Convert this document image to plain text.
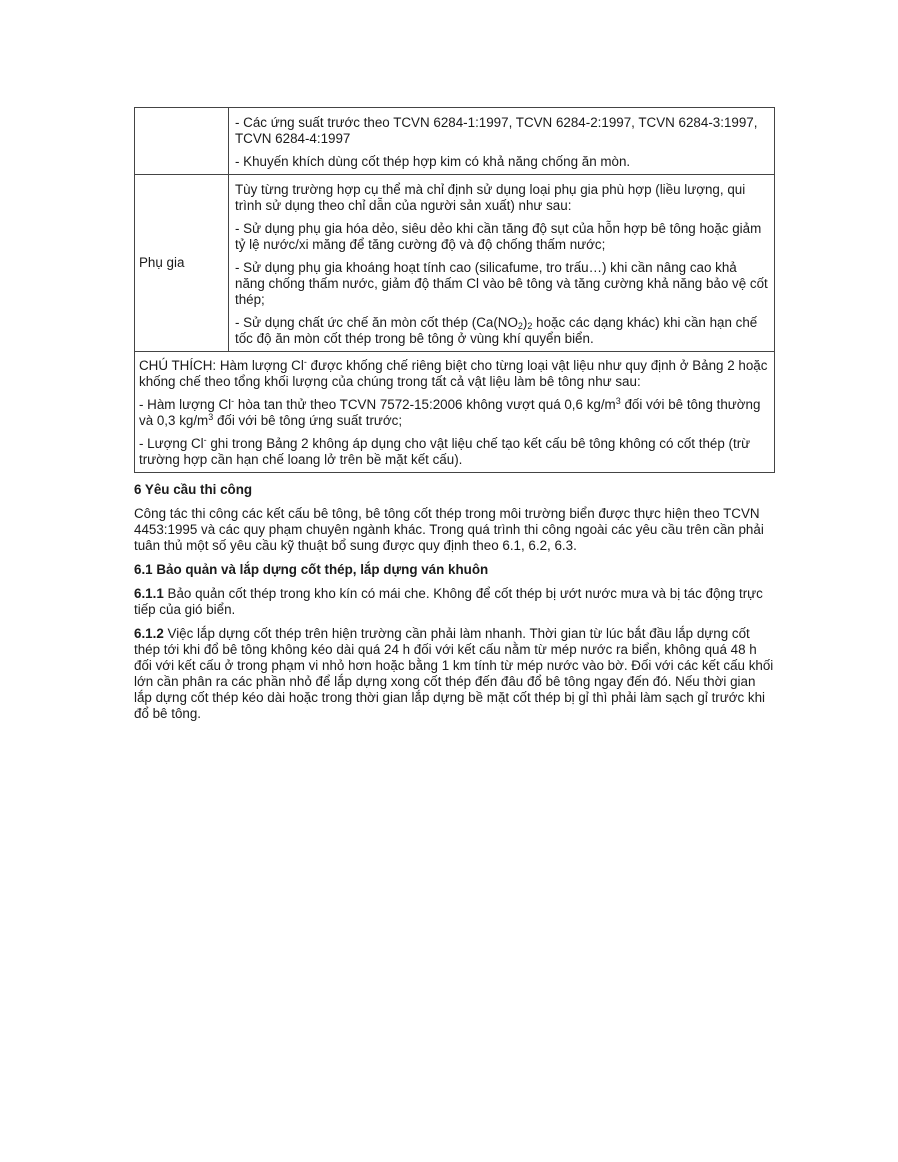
	- Các ứng suất trước theo TCVN 6284-1:1997, TCVN 6284-2:1997, TCVN 6284-3:1997, TCVN 6284-4:1997

- Khuyến khích dùng cốt thép hợp kim có khả năng chống ăn mòn.

Phụ gia	Tùy từng trường hợp cụ thể mà chỉ định sử dụng loại phụ gia phù hợp (liều lượng, qui trình sử dụng theo chỉ dẫn của người sản xuất) như sau:

- Sử dụng phụ gia hóa dẻo, siêu dẻo khi cần tăng độ sụt của hỗn hợp bê tông hoặc giảm tỷ lệ nước/xi măng để tăng cường độ và độ chống thấm nước;

- Sử dụng phụ gia khoáng hoạt tính cao (silicafume, tro trấu…) khi cần nâng cao khả năng chống thấm nước, giảm độ thấm Cl vào bê tông và tăng cường khả năng bảo vệ cốt thép;

- Sử dụng chất ức chế ăn mòn cốt thép ($Ca(NO_2)_2$ hoặc các dạng khác) khi cần hạn chế tốc độ ăn mòn cốt thép trong bê tông ở vùng khí quyển biển.

CHÚ THÍCH: Hàm lượng Cl- được khống chế riêng biệt cho từng loại vật liệu như quy định ở Bảng 2 hoặc khống chế theo tổng khối lượng của chúng trong tất cả vật liệu làm bê tông như sau:

- Hàm lượng Cl- hòa tan thử theo TCVN 7572-15:2006 không vượt quá 0,6 $kg/m^3$ đối với bê tông thường và 0,3 $kg/m^3$ đối với bê tông ứng suất trước;

- Lượng Cl- ghi trong Bảng 2 không áp dụng cho vật liệu chế tạo kết cấu bê tông không có cốt thép (trừ trường hợp cần hạn chế loang lở trên bề mặt kết cấu).	

6 Yêu cầu thi công

Công tác thi công các kết cấu bê tông, bê tông cốt thép trong môi trường biển được thực hiện theo TCVN 4453:1995 và các quy phạm chuyên ngành khác. Trong quá trình thi công ngoài các yêu cầu trên cần phải tuân thủ một số yêu cầu kỹ thuật bổ sung được quy định theo 6.1, 6.2, 6.3.

6.1 Bảo quản và lắp dựng cốt thép, lắp dựng ván khuôn

6.1.1 Bảo quản cốt thép trong kho kín có mái che. Không để cốt thép bị ướt nước mưa và bị tác động trực tiếp của gió biển.

6.1.2 Việc lắp dựng cốt thép trên hiện trường cần phải làm nhanh. Thời gian từ lúc bắt đầu lắp dựng cốt thép tới khi đổ bê tông không kéo dài quá 24 h đối với kết cấu nằm từ mép nước ra biển, không quá 48 h đối với kết cấu ở trong phạm vi nhỏ hơn hoặc bằng 1 km tính từ mép nước vào bờ. Đối với các kết cấu khối lớn cần phân ra các phần nhỏ để lắp dựng xong cốt thép đến đâu đổ bê tông ngay đến đó. Nếu thời gian lắp dựng cốt thép kéo dài hoặc trong thời gian lắp dựng bề mặt cốt thép bị gỉ thì phải làm sạch gỉ trước khi đổ bê tông.
